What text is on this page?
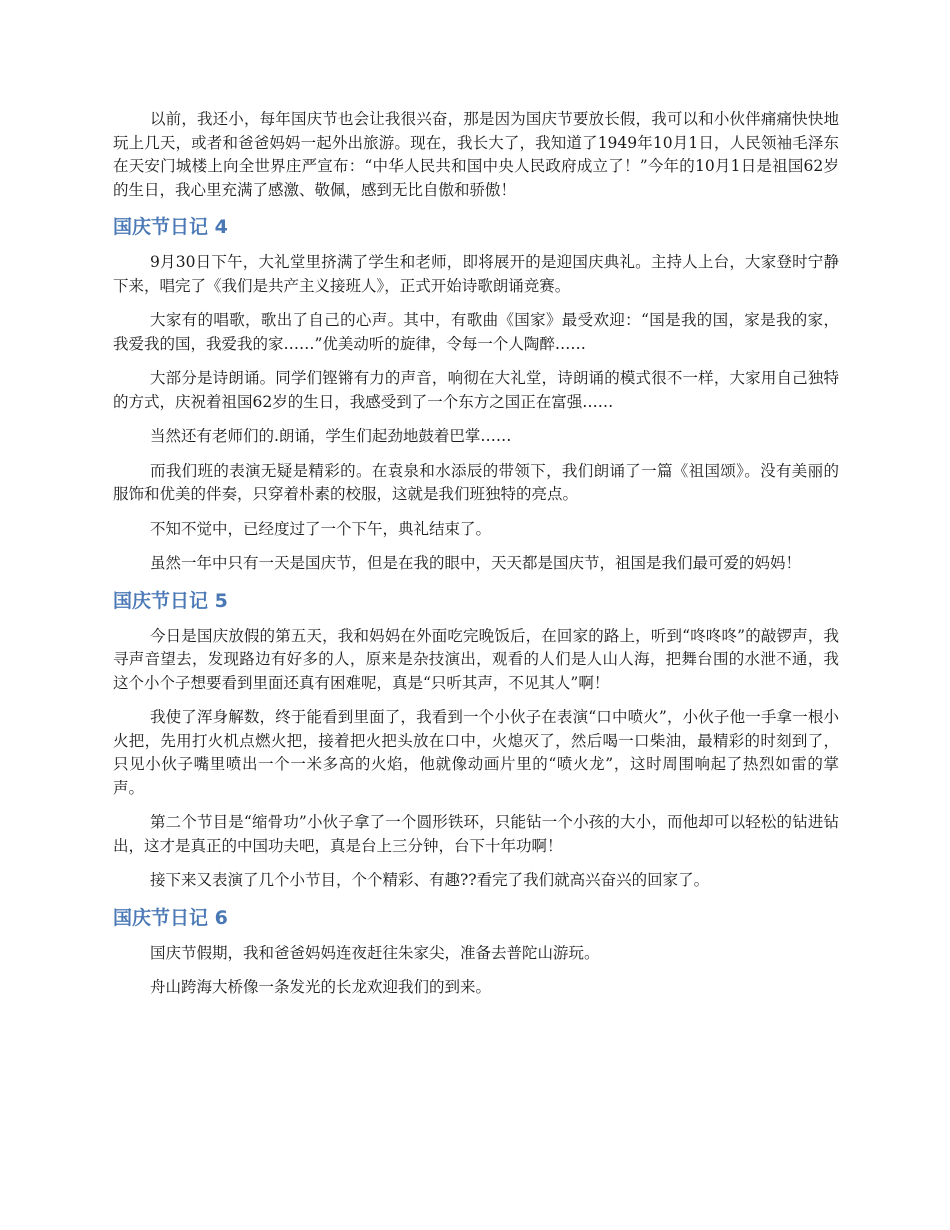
以前，我还小，每年国庆节也会让我很兴奋，那是因为国庆节要放长假，我可以和小伙伴痛痛快快地玩上几天，或者和爸爸妈妈一起外出旅游。现在，我长大了，我知道了1949年10月1日，人民领袖毛泽东在天安门城楼上向全世界庄严宣布：“中华人民共和国中央人民政府成立了！”今年的10月1日是祖国62岁的生日，我心里充满了感激、敬佩，感到无比自傲和骄傲！

国庆节日记 4

9月30日下午，大礼堂里挤满了学生和老师，即将展开的是迎国庆典礼。主持人上台，大家登时宁静下来，唱完了《我们是共产主义接班人》，正式开始诗歌朗诵竞赛。

大家有的唱歌，歌出了自己的心声。其中，有歌曲《国家》最受欢迎：“国是我的国，家是我的家，我爱我的国，我爱我的家……”优美动听的旋律，令每一个人陶醉……

大部分是诗朗诵。同学们铿锵有力的声音，响彻在大礼堂，诗朗诵的模式很不一样，大家用自己独特的方式，庆祝着祖国62岁的生日，我感受到了一个东方之国正在富强……

当然还有老师们的.朗诵，学生们起劲地鼓着巴掌……

而我们班的表演无疑是精彩的。在袁泉和水添辰的带领下，我们朗诵了一篇《祖国颂》。没有美丽的服饰和优美的伴奏，只穿着朴素的校服，这就是我们班独特的亮点。

不知不觉中，已经度过了一个下午，典礼结束了。

虽然一年中只有一天是国庆节，但是在我的眼中，天天都是国庆节，祖国是我们最可爱的妈妈！

国庆节日记 5

今日是国庆放假的第五天，我和妈妈在外面吃完晚饭后，在回家的路上，听到“咚咚咚”的敲锣声，我寻声音望去，发现路边有好多的人，原来是杂技演出，观看的人们是人山人海，把舞台围的水泄不通，我这个小个子想要看到里面还真有困难呢，真是“只听其声，不见其人”啊！

我使了浑身解数，终于能看到里面了，我看到一个小伙子在表演“口中喷火”，小伙子他一手拿一根小火把，先用打火机点燃火把，接着把火把头放在口中，火熄灭了，然后喝一口柴油，最精彩的时刻到了，只见小伙子嘴里喷出一个一米多高的火焰，他就像动画片里的“喷火龙”，这时周围响起了热烈如雷的掌声。

第二个节目是“缩骨功”小伙子拿了一个圆形铁环，只能钻一个小孩的大小，而他却可以轻松的钻进钻出，这才是真正的中国功夫吧，真是台上三分钟，台下十年功啊！

接下来又表演了几个小节目，个个精彩、有趣??看完了我们就高兴奋兴的回家了。

国庆节日记 6

国庆节假期，我和爸爸妈妈连夜赶往朱家尖，准备去普陀山游玩。

舟山跨海大桥像一条发光的长龙欢迎我们的到来。
